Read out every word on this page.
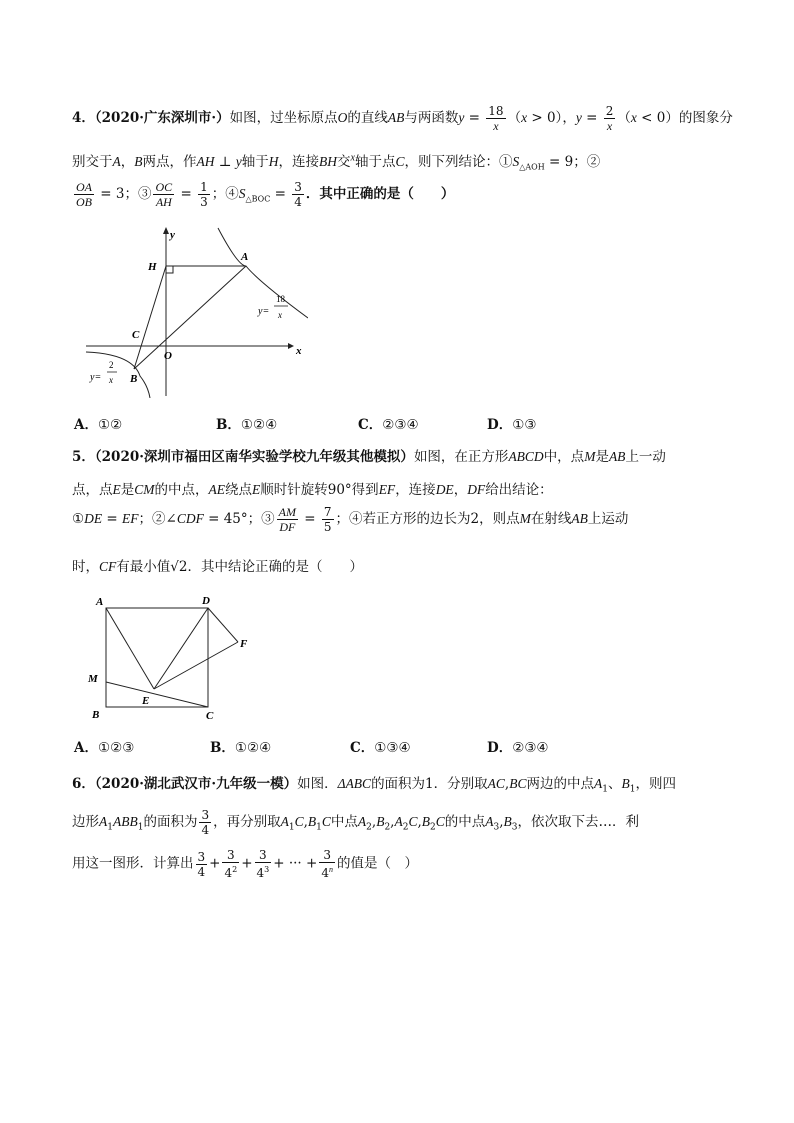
4．（2020·广东深圳市·）如图，过坐标原点O的直线AB与两函数$y = \frac{18}{x} (x > 0)$，$y = \frac{2}{x} (x < 0)$的图象分
别交于A，B两点，作AH ⊥ y轴于H，连接BH交$^x$轴于点C，则下列结论：$①S_{\triangle AOH} = 9$；②
$\frac{OA}{OB} = 3$；③ $\frac{OC}{AH} = \frac{1}{3}$ ；$④S_{\triangle BOC} = \frac{3}{4}$ ．其中正确的是（　　）
x
y
H
A
C
O
B
y=
18
x
y=
2
x
A．①②	B．①②④	C．②③④	D．①③
5．（2020·深圳市福田区南华实验学校九年级其他模拟）如图，在正方形ABCD中，点M是AB上一动
点，点E是CM的中点，AE绕点E顺时针旋转90°得到EF，连接DE，DF给出结论：
①DE = EF；②∠CDF = 45°；③ $\frac{AM}{DF} = \frac{7}{5}$ ；④若正方形的边长为2，则点M在射线AB上运动
时，CF有最小值√2．其中结论正确的是（　　）
A	D
F
M
E
B	C
A．①②③	B．①②④	C．①③④	D．②③④
6．（2020·湖北武汉市·九年级一模）如图．ΔABC的面积为1．分别取AC,BC两边的中点$A_1$、$B_1$，则四
边形$A_1ABB_1$的面积为 $\frac{3}{4}$ ，再分别取$A_1C,B_1C$中点$A_2,B_2,A_2C,B_2C$的中点$A_3,B_3$，依次取下去…．利
用这一图形．计算出 $\frac{3}{4} + \frac{3}{4^2} + \frac{3}{4^3}$ + ··· + $\frac{3}{4^n}$ 的值是（　）
